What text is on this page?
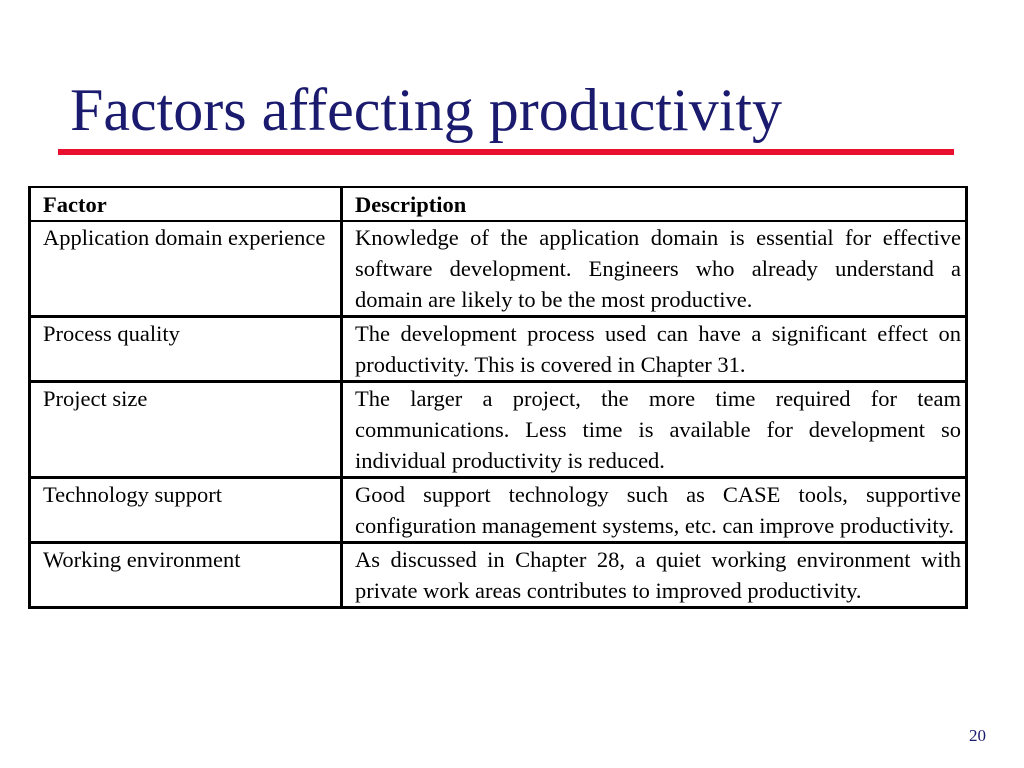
Factors affecting productivity
Factor	Description
Application domain experience	Knowledge of the application domain is essential for effective software development. Engineers who already understand a domain are likely to be the most productive.
Process quality	The development process used can have a significant effect on productivity. This is covered in Chapter 31.
Project size	The larger a project, the more time required for team communications. Less time is available for development so individual productivity is reduced.
Technology support	Good support technology such as CASE tools, supportive configuration management systems, etc. can improve productivity.
Working environment	As discussed in Chapter 28, a quiet working environment with private work areas contributes to improved productivity.
20
